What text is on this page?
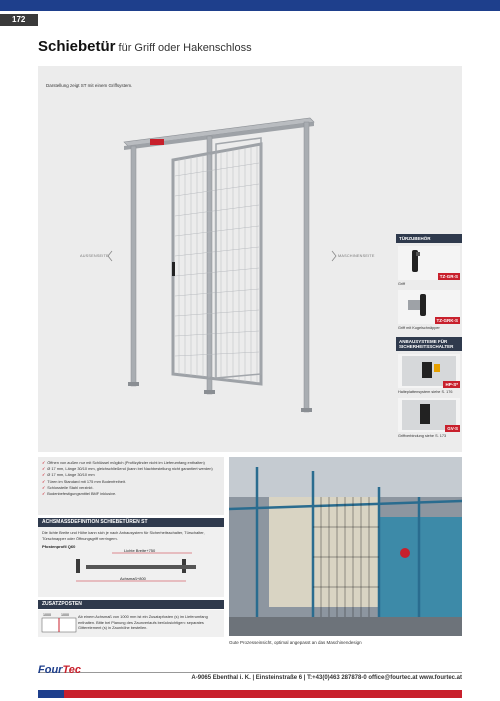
172
Schiebetür für Griff oder Hakenschloss
Darstellung zeigt ST mit einem Griffsystem.
AUSSENSEITE	MASCHINENSEITE
TÜRZUBEHÖR
TZ-GR-S
Griff
TZ-GRK-S
Griff mit Kugelschnäpper
ANBAUSYSTEME FÜR SICHERHEITSSCHALTER
HP-S*
Halteplattensystem siehe S. 176
GV-S
Griffverbindung siehe S. 173
✓ Öffnen von außen nur mit Schlüssel möglich (Profilzylinder nicht im Lieferumfang enthalten)
✓ Ø 17 mm, Länge 30/10 mm, gleichschließend (kann bei Nachbestellung nicht garantiert werden)
✓ Ø 17 mm, Länge 30/10 mm
✓ Türen im Standard mit 175 mm Bodenfreiheit.
✓ Schlossteile Stahl verzinkt.
✓ Bodenbefestigungsmittel BMF inklusive.
ACHSMASSDEFINITION SCHIEBETÜREN ST
Die lichte Breite und Höhe kann sich je nach Anbausystem für Sicherheitsschalter, Türschalter, Türschnapper oder Öffnungsgriff verringern.
Pfostenprofil Q60
Lichte Breite+750
Achsmaß+800
ZUSATZPOSTEN
1000	1000 Ab einem Achsmaß von 1000 mm ist ein Zusatzpfosten (s) im Lieferumfang enthalten. Bitte bei Planung des Zaunverlaufs berücksichtigen: separates Gitterelement (s) in Zaunhöhe bestellen.
Gute Prozesseinsicht, optimal angepasst an das Maschinendesign
FourTec
A-9065 Ebenthal i. K. | Einsteinstraße 6 | T:+43(0)463 287878-0 office@fourtec.at www.fourtec.at
